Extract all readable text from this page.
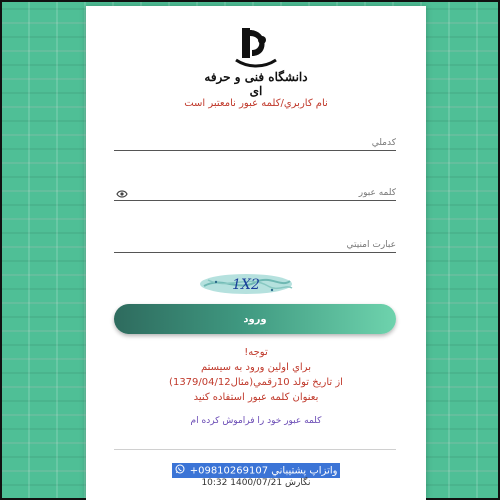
دانشگاه فنی و حرفه ای
نام کاربري/کلمه عبور نامعتبر است
کدملي
عبارت امنيتي
1X2
ورود
توجه!
براي اولين ورود به سيستم
از تاريخ تولد 10رقمي(مثال1379/04/12)
بعنوان کلمه عبور استفاده کنيد
کلمه عبور خود را فراموش کرده ام
واتزاپ پشتيباني 09810269107+
نگارش 1400/07/21 10:32
